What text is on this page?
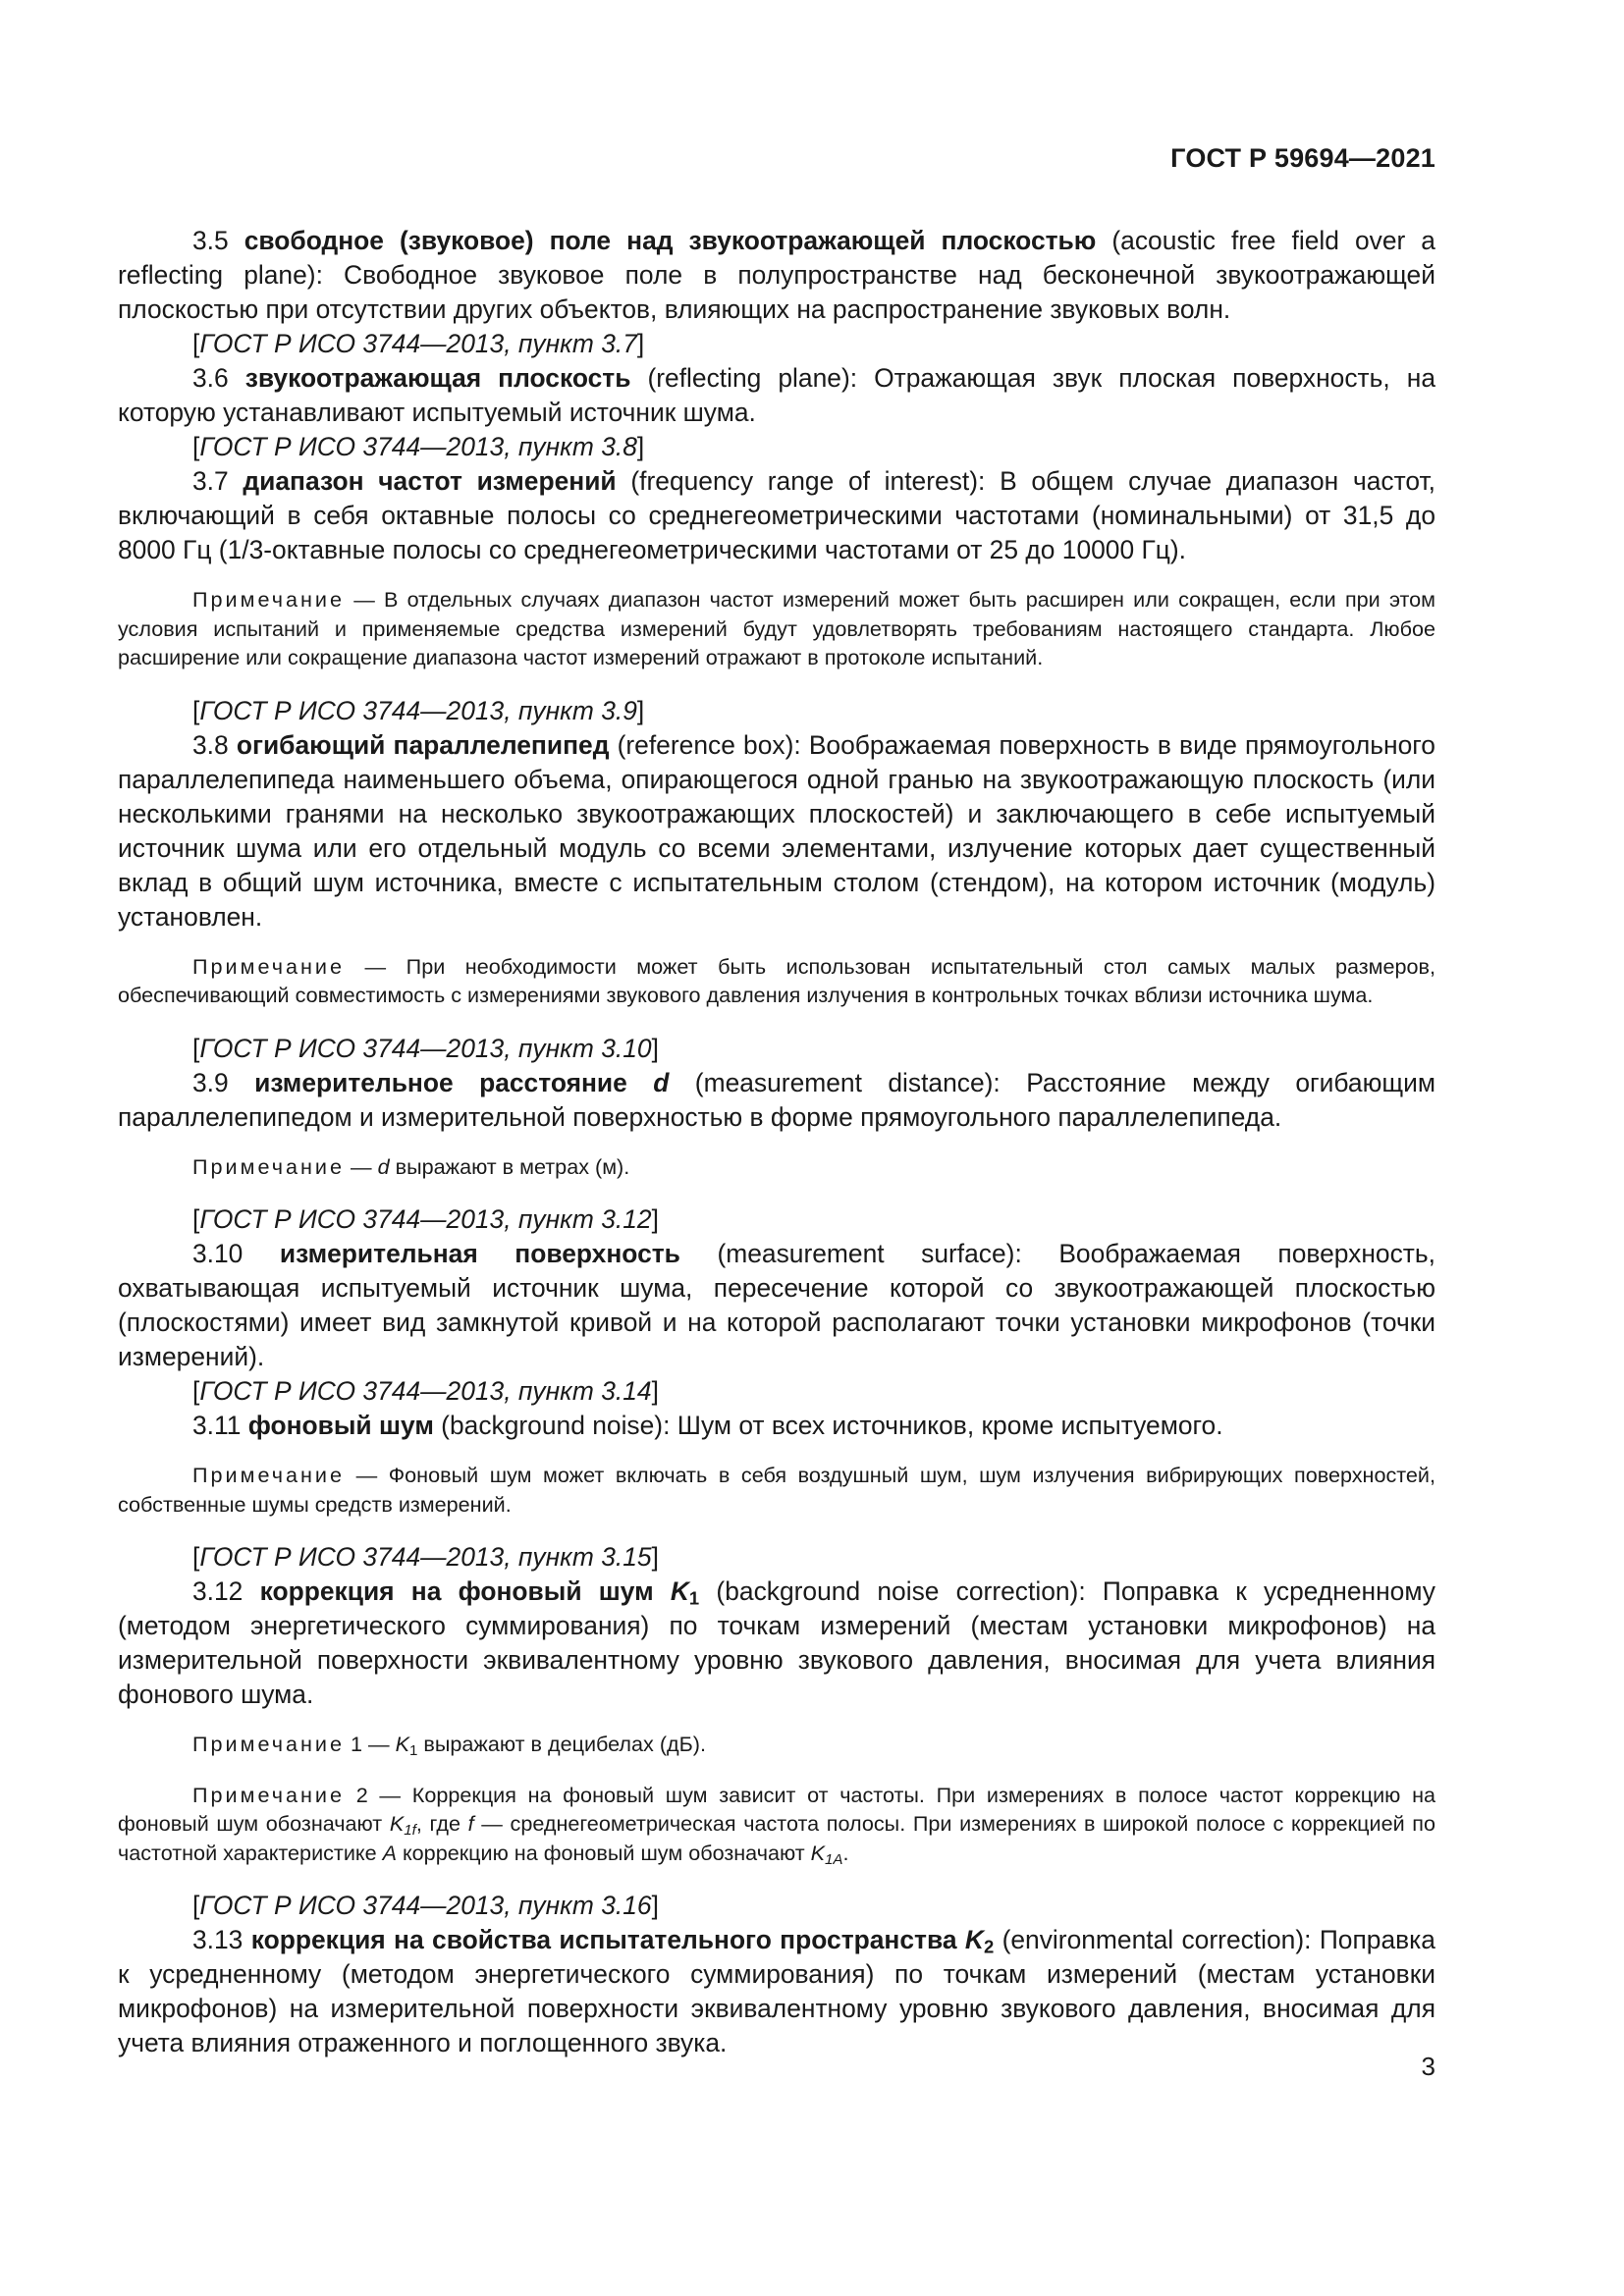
ГОСТ Р 59694—2021

3.5 свободное (звуковое) поле над звукоотражающей плоскостью (acoustic free field over a reflecting plane): Свободное звуковое поле в полупространстве над бесконечной звукоотражающей плоскостью при отсутствии других объектов, влияющих на распространение звуковых волн.

[ГОСТ Р ИСО 3744—2013, пункт 3.7]

3.6 звукоотражающая плоскость (reflecting plane): Отражающая звук плоская поверхность, на которую устанавливают испытуемый источник шума.

[ГОСТ Р ИСО 3744—2013, пункт 3.8]

3.7 диапазон частот измерений (frequency range of interest): В общем случае диапазон частот, включающий в себя октавные полосы со среднегеометрическими частотами (номинальными) от 31,5 до 8000 Гц (1/3-октавные полосы со среднегеометрическими частотами от 25 до 10000 Гц).

Примечание — В отдельных случаях диапазон частот измерений может быть расширен или сокращен, если при этом условия испытаний и применяемые средства измерений будут удовлетворять требованиям настоящего стандарта. Любое расширение или сокращение диапазона частот измерений отражают в протоколе испытаний.

[ГОСТ Р ИСО 3744—2013, пункт 3.9]

3.8 огибающий параллелепипед (reference box): Воображаемая поверхность в виде прямоугольного параллелепипеда наименьшего объема, опирающегося одной гранью на звукоотражающую плоскость (или несколькими гранями на несколько звукоотражающих плоскостей) и заключающего в себе испытуемый источник шума или его отдельный модуль со всеми элементами, излучение которых дает существенный вклад в общий шум источника, вместе с испытательным столом (стендом), на котором источник (модуль) установлен.

Примечание — При необходимости может быть использован испытательный стол самых малых размеров, обеспечивающий совместимость с измерениями звукового давления излучения в контрольных точках вблизи источника шума.

[ГОСТ Р ИСО 3744—2013, пункт 3.10]

3.9 измерительное расстояние d (measurement distance): Расстояние между огибающим параллелепипедом и измерительной поверхностью в форме прямоугольного параллелепипеда.

Примечание — d выражают в метрах (м).

[ГОСТ Р ИСО 3744—2013, пункт 3.12]

3.10 измерительная поверхность (measurement surface): Воображаемая поверхность, охватывающая испытуемый источник шума, пересечение которой со звукоотражающей плоскостью (плоскостями) имеет вид замкнутой кривой и на которой располагают точки установки микрофонов (точки измерений).

[ГОСТ Р ИСО 3744—2013, пункт 3.14]

3.11 фоновый шум (background noise): Шум от всех источников, кроме испытуемого.

Примечание — Фоновый шум может включать в себя воздушный шум, шум излучения вибрирующих поверхностей, собственные шумы средств измерений.

[ГОСТ Р ИСО 3744—2013, пункт 3.15]

3.12 коррекция на фоновый шум $K_1$ (background noise correction): Поправка к усредненному (методом энергетического суммирования) по точкам измерений (местам установки микрофонов) на измерительной поверхности эквивалентному уровню звукового давления, вносимая для учета влияния фонового шума.

Примечание 1 — $K_1$ выражают в децибелах (дБ).

Примечание 2 — Коррекция на фоновый шум зависит от частоты. При измерениях в полосе частот коррекцию на фоновый шум обозначают $K_{1f}$, где f — среднегеометрическая частота полосы. При измерениях в широкой полосе с коррекцией по частотной характеристике A коррекцию на фоновый шум обозначают $K_{1A}$.

[ГОСТ Р ИСО 3744—2013, пункт 3.16]

3.13 коррекция на свойства испытательного пространства $K_2$ (environmental correction): Поправка к усредненному (методом энергетического суммирования) по точкам измерений (местам установки микрофонов) на измерительной поверхности эквивалентному уровню звукового давления, вносимая для учета влияния отраженного и поглощенного звука.

3
